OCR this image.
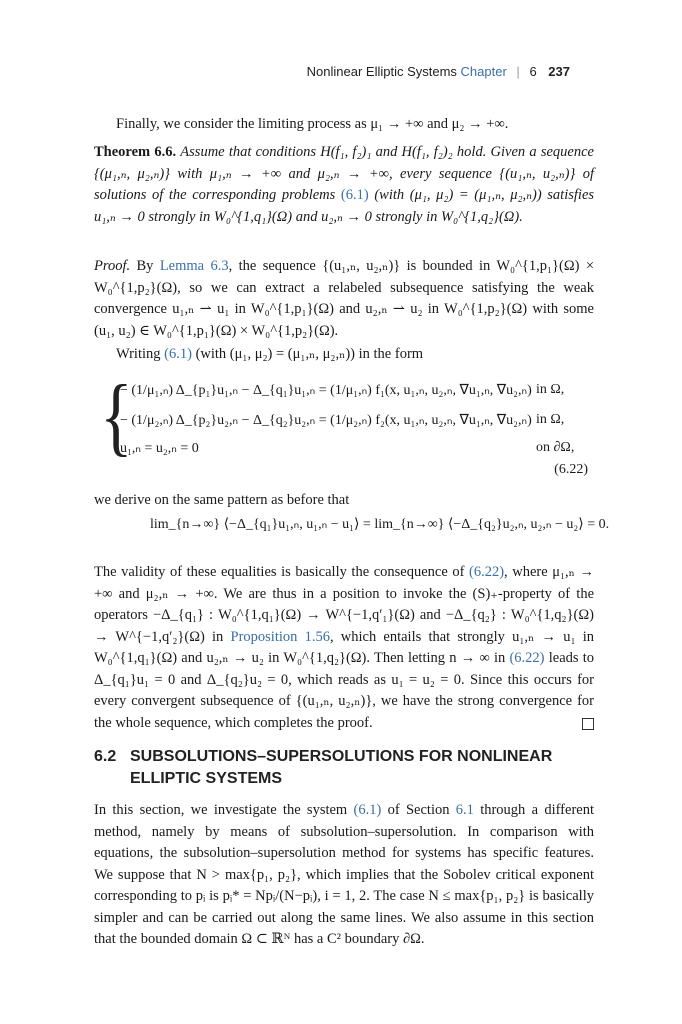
Nonlinear Elliptic Systems Chapter | 6 237
Finally, we consider the limiting process as μ₁ → +∞ and μ₂ → +∞.
Theorem 6.6. Assume that conditions H(f₁, f₂)₁ and H(f₁, f₂)₂ hold. Given a sequence {(μ₁,ₙ, μ₂,ₙ)} with μ₁,ₙ → +∞ and μ₂,ₙ → +∞, every sequence {(u₁,ₙ, u₂,ₙ)} of solutions of the corresponding problems (6.1) (with (μ₁, μ₂) = (μ₁,ₙ, μ₂,ₙ)) satisfies u₁,ₙ → 0 strongly in W₀^{1,q₁}(Ω) and u₂,ₙ → 0 strongly in W₀^{1,q₂}(Ω).
Proof. By Lemma 6.3, the sequence {(u₁,ₙ, u₂,ₙ)} is bounded in W₀^{1,p₁}(Ω) × W₀^{1,p₂}(Ω), so we can extract a relabeled subsequence satisfying the weak convergence u₁,ₙ ⇀ u₁ in W₀^{1,p₁}(Ω) and u₂,ₙ ⇀ u₂ in W₀^{1,p₂}(Ω) with some (u₁, u₂) ∈ W₀^{1,p₁}(Ω) × W₀^{1,p₂}(Ω).
Writing (6.1) (with (μ₁, μ₂) = (μ₁,ₙ, μ₂,ₙ)) in the form
{
− (1/μ₁,ₙ) Δ_{p₁}u₁,ₙ − Δ_{q₁}u₁,ₙ = (1/μ₁,ₙ) f₁(x, u₁,ₙ, u₂,ₙ, ∇u₁,ₙ, ∇u₂,ₙ) in Ω,
− (1/μ₂,ₙ) Δ_{p₂}u₂,ₙ − Δ_{q₂}u₂,ₙ = (1/μ₂,ₙ) f₂(x, u₁,ₙ, u₂,ₙ, ∇u₁,ₙ, ∇u₂,ₙ) in Ω,
u₁,ₙ = u₂,ₙ = 0	on ∂Ω,
(6.22)
we derive on the same pattern as before that
lim_{n→∞} ⟨−Δ_{q₁}u₁,ₙ, u₁,ₙ − u₁⟩ = lim_{n→∞} ⟨−Δ_{q₂}u₂,ₙ, u₂,ₙ − u₂⟩ = 0.
The validity of these equalities is basically the consequence of (6.22), where μ₁,ₙ → +∞ and μ₂,ₙ → +∞. We are thus in a position to invoke the (S)₊-property of the operators −Δ_{q₁} : W₀^{1,q₁}(Ω) → W^{−1,q′₁}(Ω) and −Δ_{q₂} : W₀^{1,q₂}(Ω) → W^{−1,q′₂}(Ω) in Proposition 1.56, which entails that strongly u₁,ₙ → u₁ in W₀^{1,q₁}(Ω) and u₂,ₙ → u₂ in W₀^{1,q₂}(Ω). Then letting n → ∞ in (6.22) leads to Δ_{q₁}u₁ = 0 and Δ_{q₂}u₂ = 0, which reads as u₁ = u₂ = 0. Since this occurs for every convergent subsequence of {(u₁,ₙ, u₂,ₙ)}, we have the strong convergence for the whole sequence, which completes the proof.
6.2 SUBSOLUTIONS–SUPERSOLUTIONS FOR NONLINEAR
ELLIPTIC SYSTEMS
In this section, we investigate the system (6.1) of Section 6.1 through a different method, namely by means of subsolution–supersolution. In comparison with equations, the subsolution–supersolution method for systems has specific features. We suppose that N > max{p₁, p₂}, which implies that the Sobolev critical exponent corresponding to pᵢ is pᵢ* = Npᵢ/(N−pᵢ), i = 1, 2. The case N ≤ max{p₁, p₂} is basically simpler and can be carried out along the same lines. We also assume in this section that the bounded domain Ω ⊂ ℝᴺ has a C² boundary ∂Ω.
